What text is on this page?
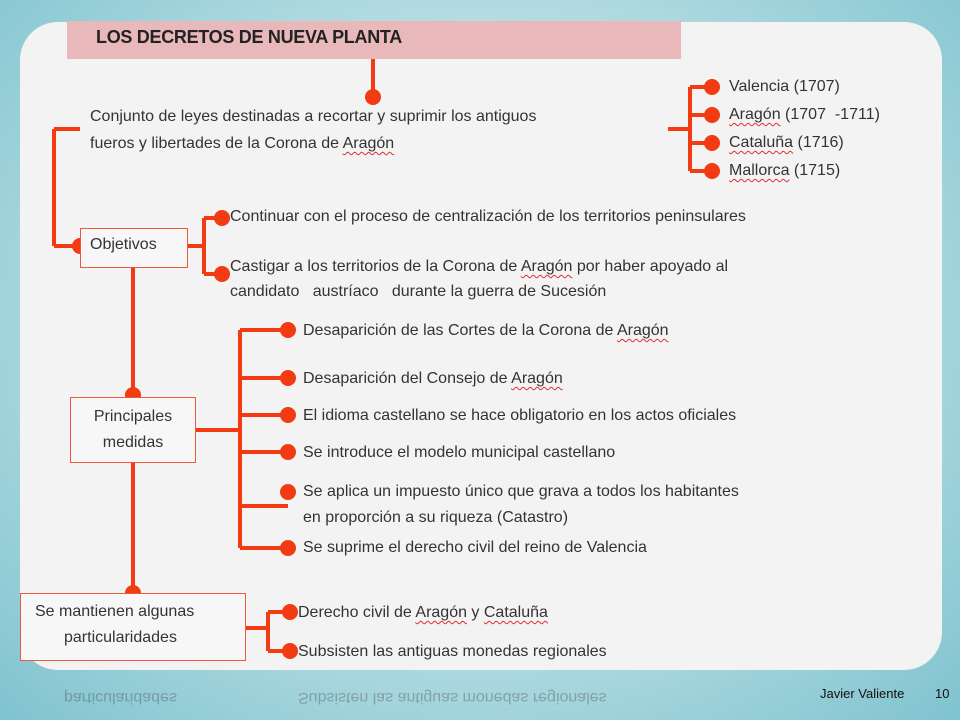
Subsisten las antiguas monedas regionales
particularidades
LOS DECRETOS DE NUEVA PLANTA
Conjunto de leyes destinadas a recortar y suprimir los antiguos
fueros y libertades de la Corona de Aragón
Valencia (1707)
Aragón (1707  -1711)
Cataluña (1716)
Mallorca (1715)
Objetivos
Continuar con el proceso de centralización de los territorios peninsulares
Castigar a los territorios de la Corona de Aragón por haber apoyado al
candidato   austríaco   durante la guerra de Sucesión
Principales
medidas
Desaparición de las Cortes de la Corona de Aragón
Desaparición del Consejo de Aragón
El idioma castellano se hace obligatorio en los actos oficiales
Se introduce el modelo municipal castellano
Se aplica un impuesto único que grava a todos los habitantes
en proporción a su riqueza (Catastro)
Se suprime el derecho civil del reino de Valencia
Se mantienen algunas
particularidades
Derecho civil de Aragón y Cataluña
Subsisten las antiguas monedas regionales
Javier Valiente 10
